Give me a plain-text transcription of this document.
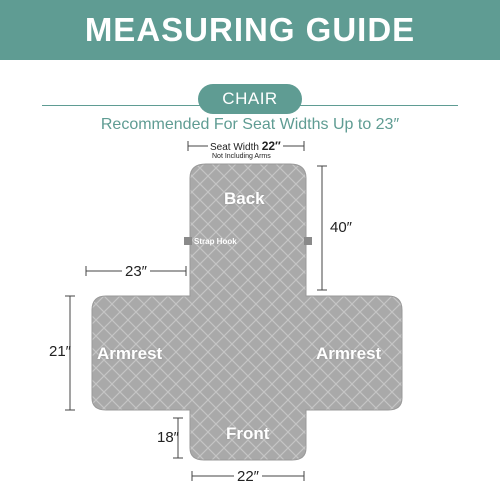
MEASURING GUIDE
CHAIR
Recommended For Seat Widths Up to 23″
Seat Width 22″
Not Including Arms
40″
23″
21″
18″
22″
Back
Strap Hook
Armrest	Armrest
Front
